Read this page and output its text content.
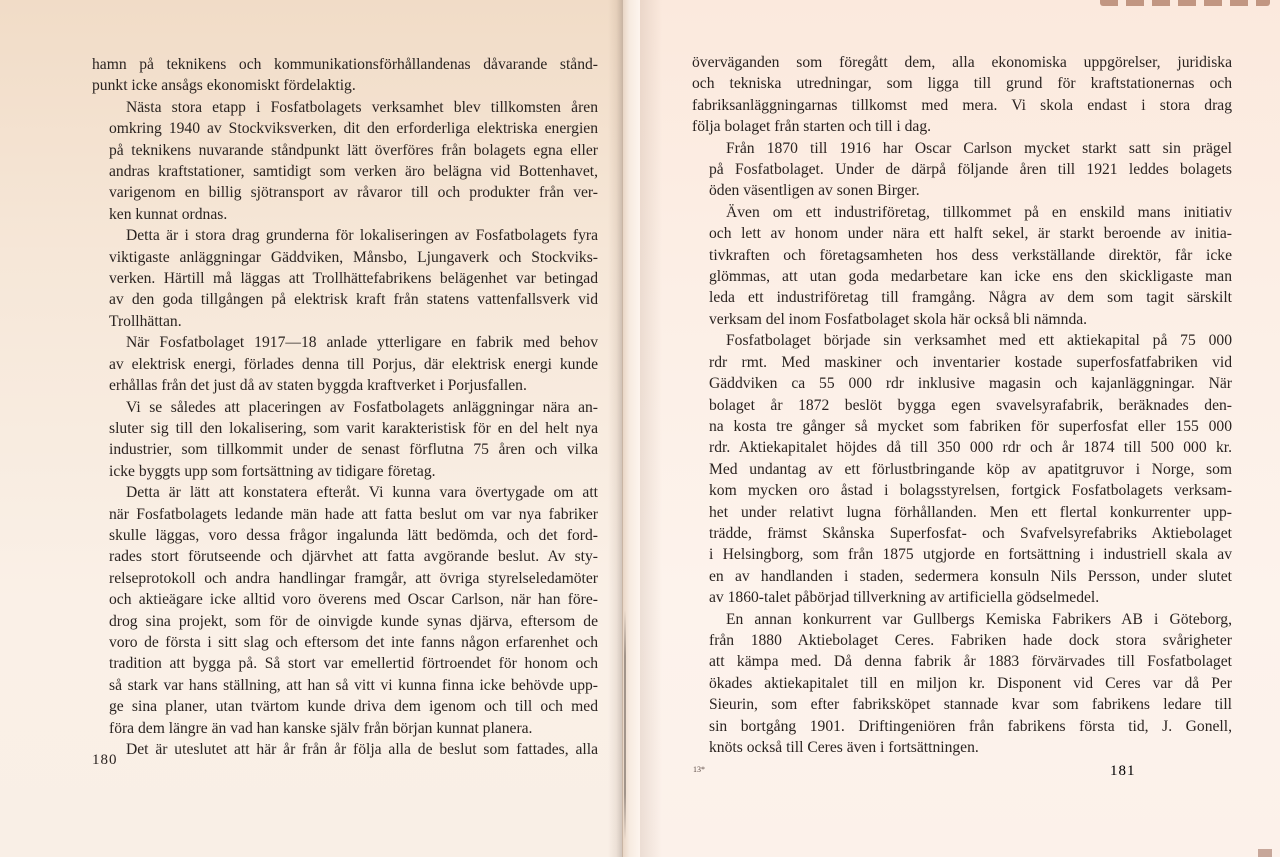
hamn på teknikens och kommunikationsförhållandenas dåvarande stånd-
punkt icke ansågs ekonomiskt fördelaktig.
Nästa stora etapp i Fosfatbolagets verksamhet blev tillkomsten åren
omkring 1940 av Stockviksverken, dit den erforderliga elektriska energien
på teknikens nuvarande ståndpunkt lätt överföres från bolagets egna eller
andras kraftstationer, samtidigt som verken äro belägna vid Bottenhavet,
varigenom en billig sjötransport av råvaror till och produkter från ver-
ken kunnat ordnas.
Detta är i stora drag grunderna för lokaliseringen av Fosfatbolagets fyra
viktigaste anläggningar Gäddviken, Månsbo, Ljungaverk och Stockviks-
verken. Härtill må läggas att Trollhättefabrikens belägenhet var betingad
av den goda tillgången på elektrisk kraft från statens vattenfallsverk vid
Trollhättan.
När Fosfatbolaget 1917—18 anlade ytterligare en fabrik med behov
av elektrisk energi, förlades denna till Porjus, där elektrisk energi kunde
erhållas från det just då av staten byggda kraftverket i Porjusfallen.
Vi se således att placeringen av Fosfatbolagets anläggningar nära an-
sluter sig till den lokalisering, som varit karakteristisk för en del helt nya
industrier, som tillkommit under de senast förflutna 75 åren och vilka
icke byggts upp som fortsättning av tidigare företag.
Detta är lätt att konstatera efteråt. Vi kunna vara övertygade om att
när Fosfatbolagets ledande män hade att fatta beslut om var nya fabriker
skulle läggas, voro dessa frågor ingalunda lätt bedömda, och det ford-
rades stort förutseende och djärvhet att fatta avgörande beslut. Av sty-
relseprotokoll och andra handlingar framgår, att övriga styrelseledamöter
och aktieägare icke alltid voro överens med Oscar Carlson, när han före-
drog sina projekt, som för de oinvigde kunde synas djärva, eftersom de
voro de första i sitt slag och eftersom det inte fanns någon erfarenhet och
tradition att bygga på. Så stort var emellertid förtroendet för honom och
så stark var hans ställning, att han så vitt vi kunna finna icke behövde upp-
ge sina planer, utan tvärtom kunde driva dem igenom och till och med
föra dem längre än vad han kanske själv från början kunnat planera.
Det är uteslutet att här år från år följa alla de beslut som fattades, alla
180
överväganden som föregått dem, alla ekonomiska uppgörelser, juridiska
och tekniska utredningar, som ligga till grund för kraftstationernas och
fabriksanläggningarnas tillkomst med mera. Vi skola endast i stora drag
följa bolaget från starten och till i dag.
Från 1870 till 1916 har Oscar Carlson mycket starkt satt sin prägel
på Fosfatbolaget. Under de därpå följande åren till 1921 leddes bolagets
öden väsentligen av sonen Birger.
Även om ett industriföretag, tillkommet på en enskild mans initiativ
och lett av honom under nära ett halft sekel, är starkt beroende av initia-
tivkraften och företagsamheten hos dess verkställande direktör, får icke
glömmas, att utan goda medarbetare kan icke ens den skickligaste man
leda ett industriföretag till framgång. Några av dem som tagit särskilt
verksam del inom Fosfatbolaget skola här också bli nämnda.
Fosfatbolaget började sin verksamhet med ett aktiekapital på 75 000
rdr rmt. Med maskiner och inventarier kostade superfosfatfabriken vid
Gäddviken ca 55 000 rdr inklusive magasin och kajanläggningar. När
bolaget år 1872 beslöt bygga egen svavelsyrafabrik, beräknades den-
na kosta tre gånger så mycket som fabriken för superfosfat eller 155 000
rdr. Aktiekapitalet höjdes då till 350 000 rdr och år 1874 till 500 000 kr.
Med undantag av ett förlustbringande köp av apatitgruvor i Norge, som
kom mycken oro åstad i bolagsstyrelsen, fortgick Fosfatbolagets verksam-
het under relativt lugna förhållanden. Men ett flertal konkurrenter upp-
trädde, främst Skånska Superfosfat- och Svafvelsyrefabriks Aktiebolaget
i Helsingborg, som från 1875 utgjorde en fortsättning i industriell skala av
en av handlanden i staden, sedermera konsuln Nils Persson, under slutet
av 1860-talet påbörjad tillverkning av artificiella gödselmedel.
En annan konkurrent var Gullbergs Kemiska Fabrikers AB i Göteborg,
från 1880 Aktiebolaget Ceres. Fabriken hade dock stora svårigheter
att kämpa med. Då denna fabrik år 1883 förvärvades till Fosfatbolaget
ökades aktiekapitalet till en miljon kr. Disponent vid Ceres var då Per
Sieurin, som efter fabriksköpet stannade kvar som fabrikens ledare till
sin bortgång 1901. Driftingeniören från fabrikens första tid, J. Gonell,
knöts också till Ceres även i fortsättningen.
13*	181
